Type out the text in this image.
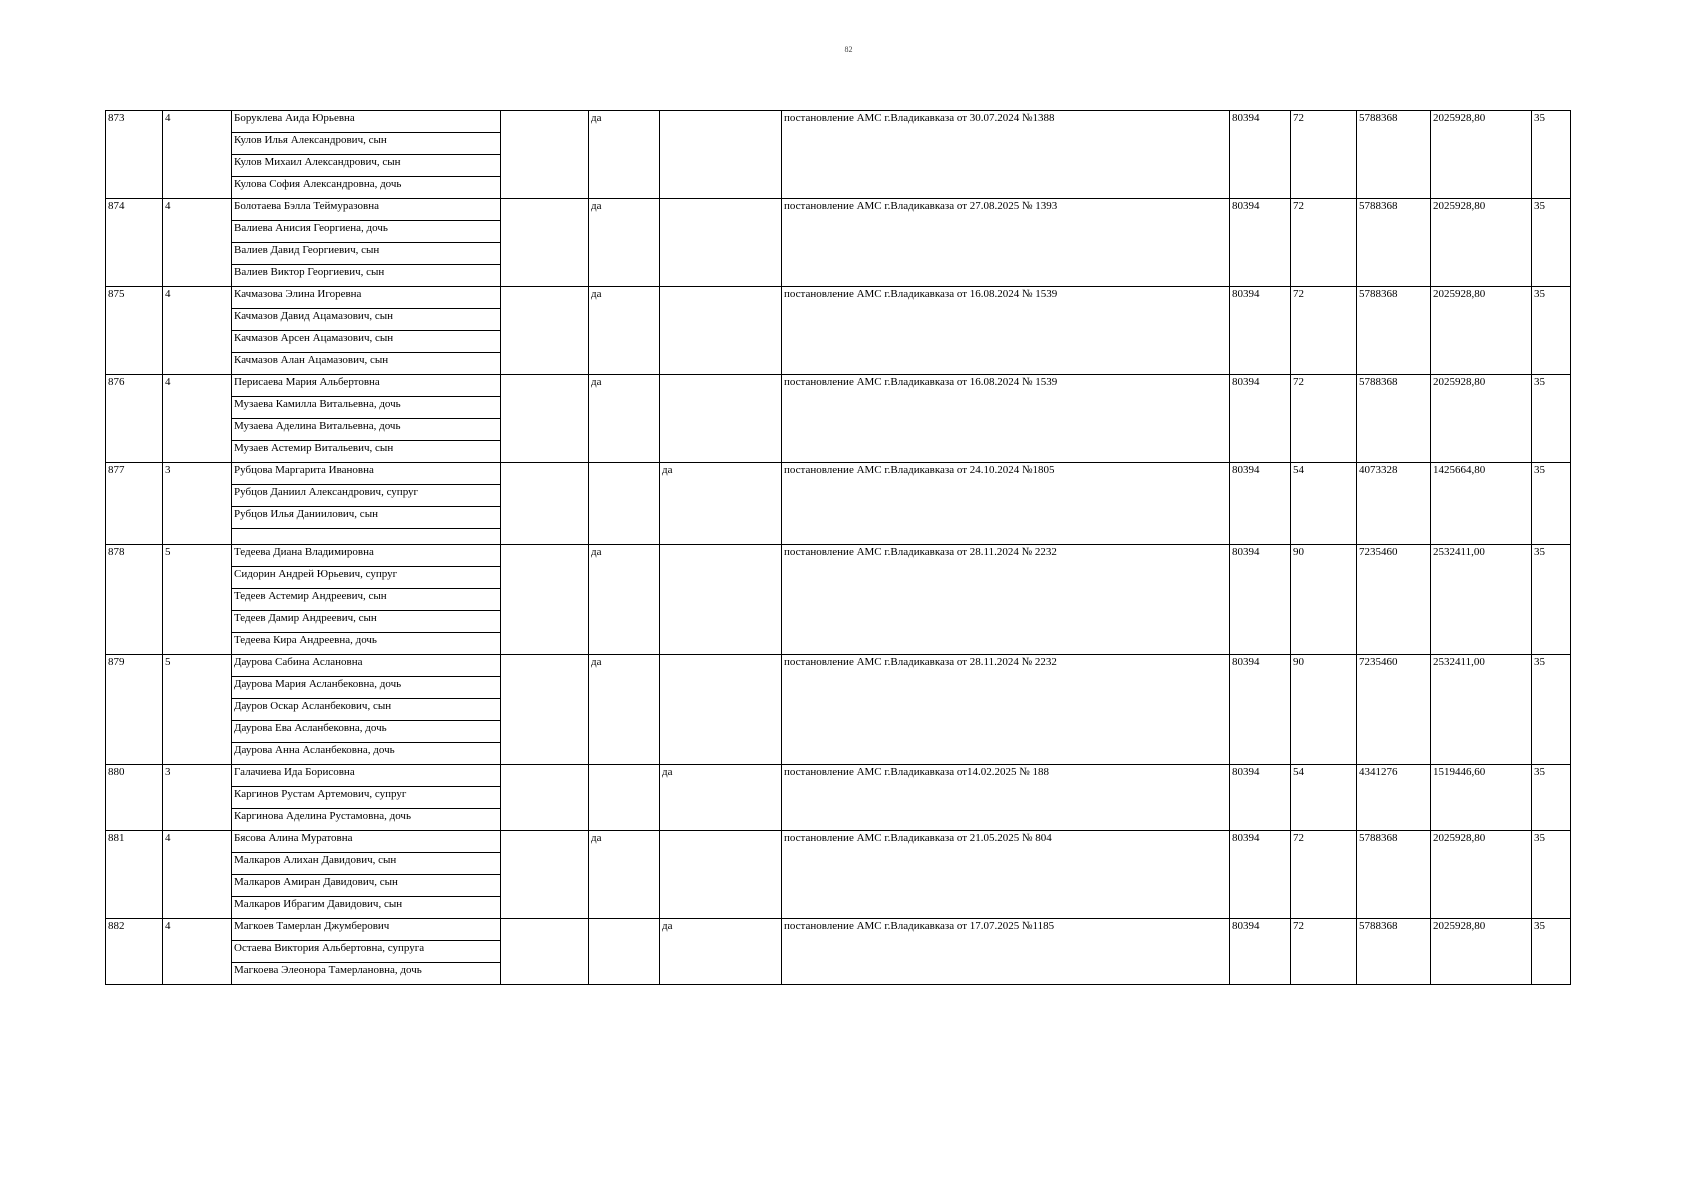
82
873	4	Боруклева Аида Юрьевна		да		постановление АМС г.Владикавказа от 30.07.2024 №1388	80394	72	5788368	2025928,80	35
		Кулов Илья Александрович, сын									
		Кулов Михаил Александрович, сын									
		Кулова София Александровна, дочь									
874	4	Болотаева Бэлла Теймуразовна		да		постановление АМС г.Владикавказа от 27.08.2025 № 1393	80394	72	5788368	2025928,80	35
		Валиева Анисия Георгиена, дочь									
		Валиев Давид Георгиевич, сын									
		Валиев Виктор Георгиевич, сын									
875	4	Качмазова Элина Игоревна		да		постановление АМС г.Владикавказа от 16.08.2024 № 1539	80394	72	5788368	2025928,80	35
		Качмазов Давид Ацамазович, сын									
		Качмазов Арсен Ацамазович, сын									
		Качмазов Алан Ацамазович, сын									
876	4	Перисаева Мария Альбертовна		да		постановление АМС г.Владикавказа от 16.08.2024 № 1539	80394	72	5788368	2025928,80	35
		Музаева Камилла Витальевна, дочь									
		Музаева Аделина Витальевна, дочь									
		Музаев Астемир Витальевич, сын									
877	3	Рубцова Маргарита Ивановна			да	постановление АМС г.Владикавказа от 24.10.2024 №1805	80394	54	4073328	1425664,80	35
		Рубцов Даниил Александрович, супруг									
		Рубцов Илья Даниилович, сын									

878	5	Тедеева Диана Владимировна		да		постановление АМС г.Владикавказа от 28.11.2024 № 2232	80394	90	7235460	2532411,00	35
		Сидорин Андрей Юрьевич, супруг									
		Тедеев Астемир Андреевич, сын									
		Тедеев Дамир Андреевич, сын									
		Тедеева Кира Андреевна, дочь									
879	5	Даурова Сабина Аслановна		да		постановление АМС г.Владикавказа от 28.11.2024 № 2232	80394	90	7235460	2532411,00	35
		Даурова Мария Асланбековна, дочь									
		Дауров Оскар Асланбекович, сын									
		Даурова Ева Асланбековна, дочь									
		Даурова Анна Асланбековна, дочь									
880	3	Галачиева Ида Борисовна			да	постановление АМС г.Владикавказа от14.02.2025 № 188	80394	54	4341276	1519446,60	35
		Каргинов Рустам Артемович, супруг									
		Каргинова Аделина Рустамовна, дочь									
881	4	Бясова Алина Муратовна		да		постановление АМС г.Владикавказа от 21.05.2025 № 804	80394	72	5788368	2025928,80	35
		Малкаров Алихан Давидович, сын									
		Малкаров Амиран Давидович, сын									
		Малкаров Ибрагим Давидович, сын									
882	4	Магкоев Тамерлан Джумберович			да	постановление АМС г.Владикавказа от 17.07.2025 №1185	80394	72	5788368	2025928,80	35
		Остаева Виктория Альбертовна, супруга									
		Магкоева Элеонора Тамерлановна, дочь									
